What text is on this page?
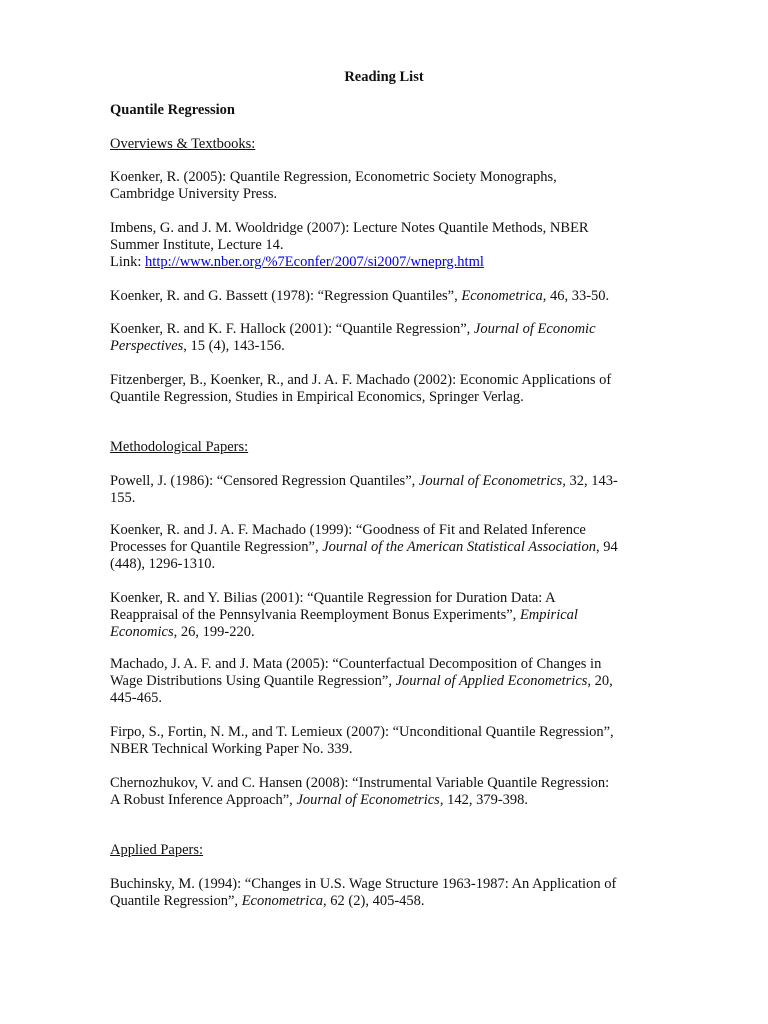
Reading List
Quantile Regression
Overviews & Textbooks:

Koenker, R. (2005): Quantile Regression, Econometric Society Monographs,

Cambridge University Press.

Imbens, G. and J. M. Wooldridge (2007): Lecture Notes Quantile Methods, NBER

Summer Institute, Lecture 14.

Link: http://www.nber.org/%7Econfer/2007/si2007/wneprg.html

Koenker, R. and G. Bassett (1978): “Regression Quantiles”, Econometrica, 46, 33-50.

Koenker, R. and K. F. Hallock (2001): “Quantile Regression”, Journal of Economic

Perspectives, 15 (4), 143-156.

Fitzenberger, B., Koenker, R., and J. A. F. Machado (2002): Economic Applications of

Quantile Regression, Studies in Empirical Economics, Springer Verlag.

Methodological Papers:

Powell, J. (1986): “Censored Regression Quantiles”, Journal of Econometrics, 32, 143-

155.

Koenker, R. and J. A. F. Machado (1999): “Goodness of Fit and Related Inference

Processes for Quantile Regression”, Journal of the American Statistical Association, 94

(448), 1296-1310.

Koenker, R. and Y. Bilias (2001): “Quantile Regression for Duration Data: A

Reappraisal of the Pennsylvania Reemployment Bonus Experiments”, Empirical

Economics, 26, 199-220.

Machado, J. A. F. and J. Mata (2005): “Counterfactual Decomposition of Changes in

Wage Distributions Using Quantile Regression”, Journal of Applied Econometrics, 20,

445-465.

Firpo, S., Fortin, N. M., and T. Lemieux (2007): “Unconditional Quantile Regression”,

NBER Technical Working Paper No. 339.

Chernozhukov, V. and C. Hansen (2008): “Instrumental Variable Quantile Regression:

A Robust Inference Approach”, Journal of Econometrics, 142, 379-398.

Applied Papers:

Buchinsky, M. (1994): “Changes in U.S. Wage Structure 1963-1987: An Application of

Quantile Regression”, Econometrica, 62 (2), 405-458.
